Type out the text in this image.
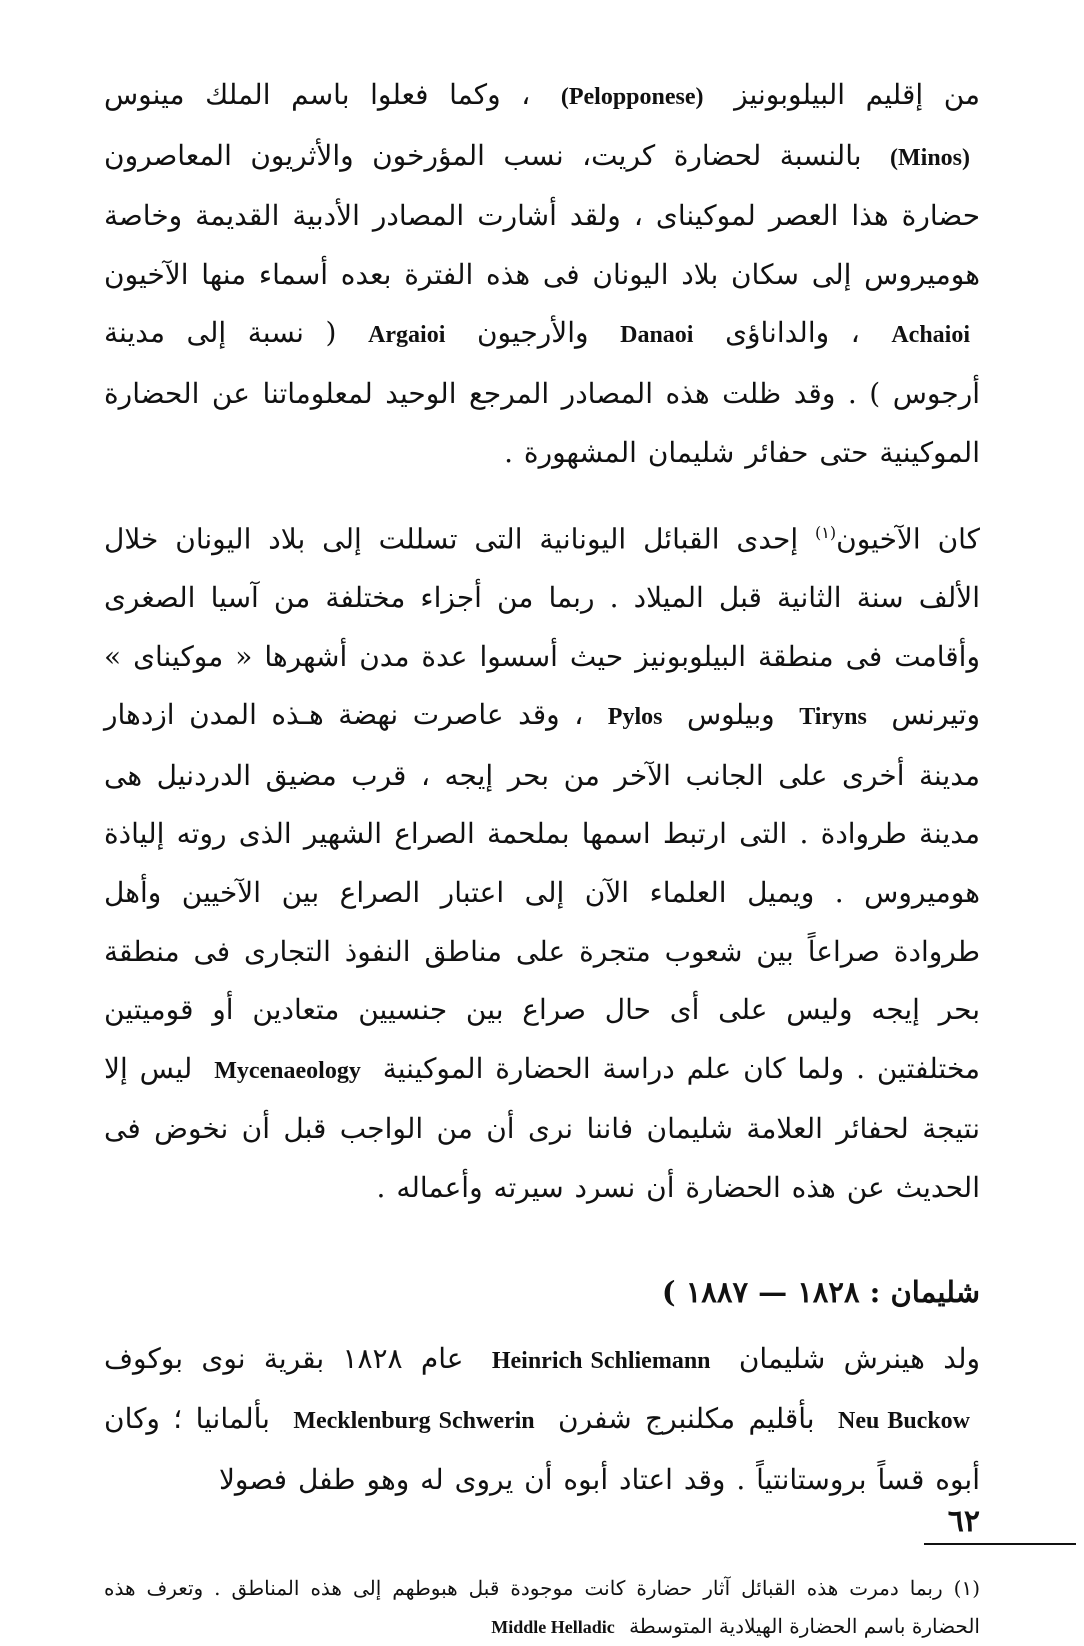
من إقليم البيلوبونيز (Pelopponese) ، وكما فعلوا باسم الملك مينوس (Minos) بالنسبة لحضارة كريت، نسب المؤرخون والأثريون المعاصرون حضارة هذا العصر لموكيناى ، ولقد أشارت المصادر الأدبية القديمة وخاصة هوميروس إلى سكان بلاد اليونان فى هذه الفترة بعده أسماء منها الآخيون Achaioi ، والداناؤى Danaoi والأرجيون Argaioi ( نسبة إلى مدينة أرجوس ) . وقد ظلت هذه المصادر المرجع الوحيد لمعلوماتنا عن الحضارة الموكينية حتى حفائر شليمان المشهورة .

كان الآخيون$^{(١)}$ إحدى القبائل اليونانية التى تسللت إلى بلاد اليونان خلال الألف سنة الثانية قبل الميلاد . ربما من أجزاء مختلفة من آسيا الصغرى وأقامت فى منطقة البيلوبونيز حيث أسسوا عدة مدن أشهرها « موكيناى » وتيرنس Tiryns وبيلوس Pylos ، وقد عاصرت نهضة هـذه المدن ازدهار مدينة أخرى على الجانب الآخر من بحر إيجه ، قرب مضيق الدردنيل هى مدينة طروادة . التى ارتبط اسمها بملحمة الصراع الشهير الذى روته إلياذة هوميروس . ويميل العلماء الآن إلى اعتبار الصراع بين الآخيين وأهل طروادة صراعاً بين شعوب متجرة على مناطق النفوذ التجارى فى منطقة بحر إيجه وليس على أى حال صراع بين جنسيين متعادين أو قوميتين مختلفتين . ولما كان علم دراسة الحضارة الموكينية Mycenaeology ليس إلا نتيجة لحفائر العلامة شليمان فاننا نرى أن من الواجب قبل أن نخوض فى الحديث عن هذه الحضارة أن نسرد سيرته وأعماله .

شليمان : ١٨٢٨ — ١٨٨٧ )

ولد هينرش شليمان Heinrich Schliemann عام ١٨٢٨ بقرية نوى بوكوف Neu Buckow بأقليم مكلنبرج شفرن Mecklenburg Schwerin بألمانيا ؛ وكان أبوه قساً بروستانتياً . وقد اعتاد أبوه أن يروى له وهو طفل فصولا

(١) ربما دمرت هذه القبائل آثار حضارة كانت موجودة قبل هبوطهم إلى هذه المناطق . وتعرف هذه الحضارة باسم الحضارة الهيلادية المتوسطة Middle Helladic

٦٢
